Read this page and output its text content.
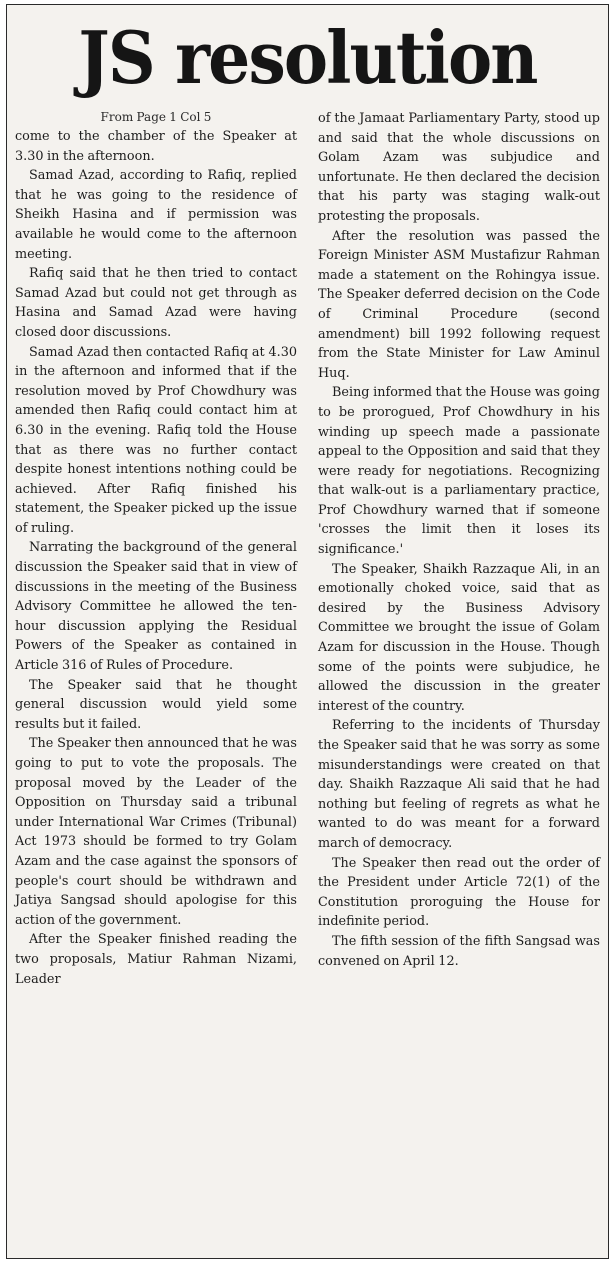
JS resolution
From Page 1 Col 5

come to the chamber of the Speaker at 3.30 in the afternoon.

Samad Azad, according to Rafiq, replied that he was going to the residence of Sheikh Hasina and if permission was available he would come to the afternoon meeting.

Rafiq said that he then tried to contact Samad Azad but could not get through as Hasina and Samad Azad were having closed door discussions.

Samad Azad then contacted Rafiq at 4.30 in the afternoon and informed that if the resolution moved by Prof Chowdhury was amended then Rafiq could contact him at 6.30 in the evening. Rafiq told the House that as there was no further contact despite honest intentions nothing could be achieved. After Rafiq finished his statement, the Speaker picked up the issue of ruling.

Narrating the background of the general discussion the Speaker said that in view of discussions in the meeting of the Business Advisory Committee he allowed the ten-hour discussion applying the Residual Powers of the Speaker as contained in Article 316 of Rules of Procedure.

The Speaker said that he thought general discussion would yield some results but it failed.

The Speaker then announced that he was going to put to vote the proposals. The proposal moved by the Leader of the Opposition on Thursday said a tribunal under International War Crimes (Tribunal) Act 1973 should be formed to try Golam Azam and the case against the sponsors of people's court should be withdrawn and Jatiya Sangsad should apologise for this action of the government.

After the Speaker finished reading the two proposals, Matiur Rahman Nizami, Leader

of the Jamaat Parliamentary Party, stood up and said that the whole discussions on Golam Azam was subjudice and unfortunate. He then declared the decision that his party was staging walk-out protesting the proposals.

After the resolution was passed the Foreign Minister ASM Mustafizur Rahman made a statement on the Rohingya issue. The Speaker deferred decision on the Code of Criminal Procedure (second amendment) bill 1992 following request from the State Minister for Law Aminul Huq.

Being informed that the House was going to be prorogued, Prof Chowdhury in his winding up speech made a passionate appeal to the Opposition and said that they were ready for negotiations. Recognizing that walk-out is a parliamentary practice, Prof Chowdhury warned that if someone 'crosses the limit then it loses its significance.'

The Speaker, Shaikh Razzaque Ali, in an emotionally choked voice, said that as desired by the Business Advisory Committee we brought the issue of Golam Azam for discussion in the House. Though some of the points were subjudice, he allowed the discussion in the greater interest of the country.

Referring to the incidents of Thursday the Speaker said that he was sorry as some misunderstandings were created on that day. Shaikh Razzaque Ali said that he had nothing but feeling of regrets as what he wanted to do was meant for a forward march of democracy.

The Speaker then read out the order of the President under Article 72(1) of the Constitution proroguing the House for indefinite period.

The fifth session of the fifth Sangsad was convened on April 12.
